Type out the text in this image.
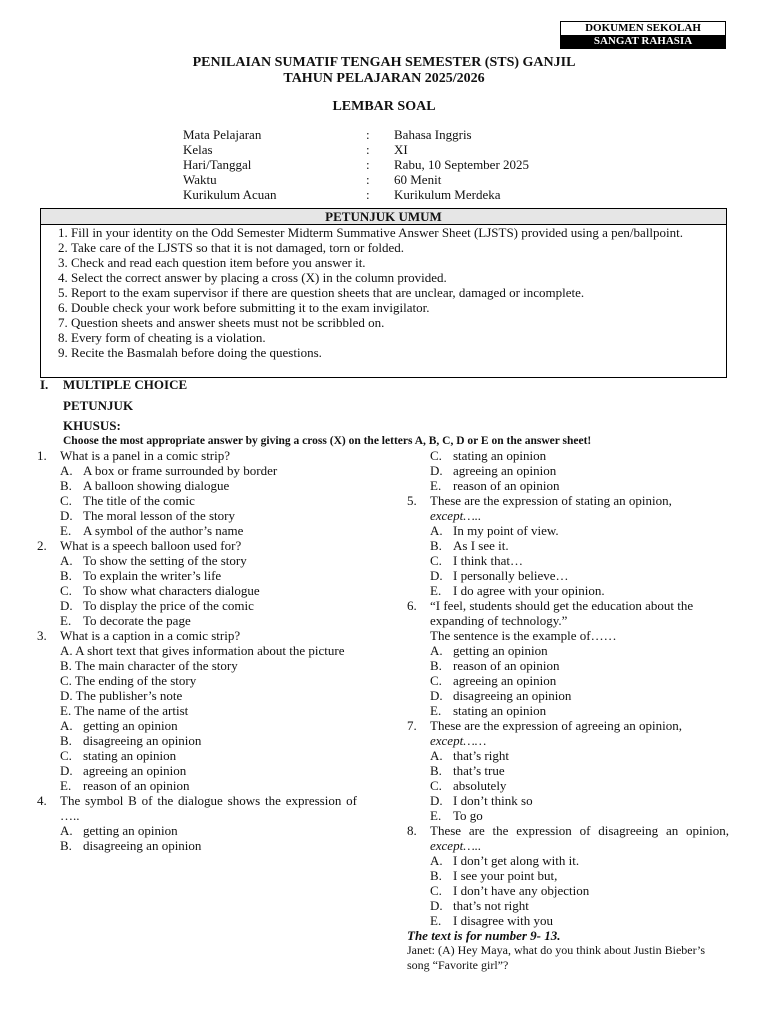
DOKUMEN SEKOLAH
SANGAT RAHASIA
PENILAIAN SUMATIF TENGAH SEMESTER (STS) GANJIL
TAHUN PELAJARAN 2025/2026
LEMBAR SOAL
Mata Pelajaran	: Bahasa Inggris
Kelas	: XI
Hari/Tanggal	: Rabu, 10 September 2025
Waktu	: 60 Menit
Kurikulum Acuan	: Kurikulum Merdeka
PETUNJUK UMUM
1. Fill in your identity on the Odd Semester Midterm Summative Answer Sheet (LJSTS) provided using a pen/ballpoint.
2. Take care of the LJSTS so that it is not damaged, torn or folded.
3. Check and read each question item before you answer it.
4. Select the correct answer by placing a cross (X) in the column provided.
5. Report to the exam supervisor if there are question sheets that are unclear, damaged or incomplete.
6. Double check your work before submitting it to the exam invigilator.
7. Question sheets and answer sheets must not be scribbled on.
8. Every form of cheating is a violation.
9. Recite the Basmalah before doing the questions.
I. MULTIPLE CHOICE
PETUNJUK
KHUSUS:
Choose the most appropriate answer by giving a cross (X) on the letters A, B, C, D or E on the answer sheet!
1. What is a panel in a comic strip?
A. A box or frame surrounded by border
B. A balloon showing dialogue
C. The title of the comic
D. The moral lesson of the story
E. A symbol of the author’s name
2. What is a speech balloon used for?
A. To show the setting of the story
B. To explain the writer’s life
C. To show what characters dialogue
D. To display the price of the comic
E. To decorate the page
3. What is a caption in a comic strip?
A. A short text that gives information about the picture
B. The main character of the story
C. The ending of the story
D. The publisher’s note
E. The name of the artist
A. getting an opinion
B. disagreeing an opinion
C. stating an opinion
D. agreeing an opinion
E. reason of an opinion
4.	The symbol B of the dialogue shows the expression of …..
A. getting an opinion
B. disagreeing an opinion
C. stating an opinion
D. agreeing an opinion
E. reason of an opinion
5.	These are the expression of stating an opinion,
except…..
A. In my point of view.
B. As I see it.
C. I think that…
D. I personally believe…
E. I do agree with your opinion.
6.	“I feel, students should get the education about the expanding of technology.”
The sentence is the example of……
A. getting an opinion
B. reason of an opinion
C. agreeing an opinion
D. disagreeing an opinion
E. stating an opinion
7.	These are the expression of agreeing an opinion,
except……
A. that’s right
B. that’s true
C. absolutely
D. I don’t think so
E. To go
8.	These are the expression of disagreeing an opinion, except…..
A. I don’t get along with it.
B. I see your point but,
C. I don’t have any objection
D. that’s not right
E. I disagree with you
The text is for number 9- 13.
Janet: (A) Hey Maya, what do you think about Justin Bieber’s song “Favorite girl”?
